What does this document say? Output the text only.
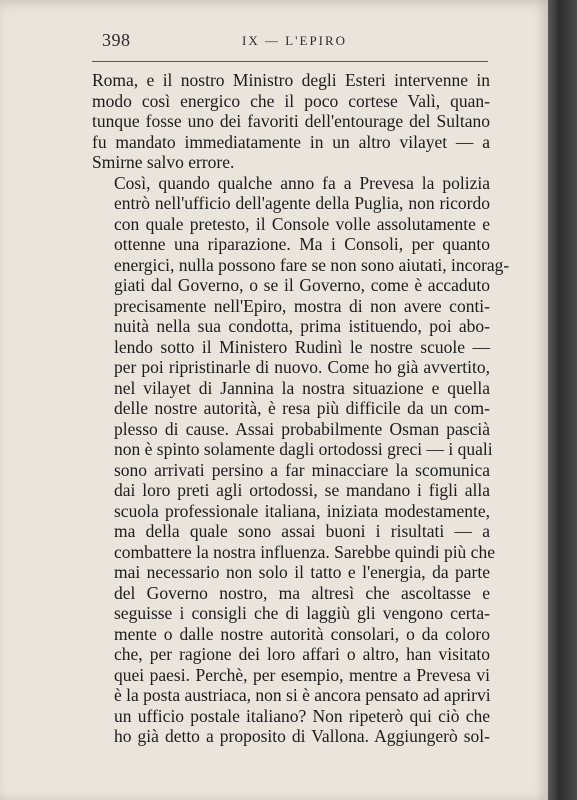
398	IX — L'EPIRO

Roma, e il nostro Ministro degli Esteri intervenne in
modo così energico che il poco cortese Valì, quan-
tunque fosse uno dei favoriti dell'entourage del Sultano
fu mandato immediatamente in un altro vilayet — a
Smirne salvo errore.

Così, quando qualche anno fa a Prevesa la polizia
entrò nell'ufficio dell'agente della Puglia, non ricordo
con quale pretesto, il Console volle assolutamente e
ottenne una riparazione. Ma i Consoli, per quanto
energici, nulla possono fare se non sono aiutati, incorag-
giati dal Governo, o se il Governo, come è accaduto
precisamente nell'Epiro, mostra di non avere conti-
nuità nella sua condotta, prima istituendo, poi abo-
lendo sotto il Ministero Rudinì le nostre scuole —
per poi ripristinarle di nuovo. Come ho già avvertito,
nel vilayet di Jannina la nostra situazione e quella
delle nostre autorità, è resa più difficile da un com-
plesso di cause. Assai probabilmente Osman pascià
non è spinto solamente dagli ortodossi greci — i quali
sono arrivati persino a far minacciare la scomunica
dai loro preti agli ortodossi, se mandano i figli alla
scuola professionale italiana, iniziata modestamente,
ma della quale sono assai buoni i risultati — a
combattere la nostra influenza. Sarebbe quindi più che
mai necessario non solo il tatto e l'energia, da parte
del Governo nostro, ma altresì che ascoltasse e
seguisse i consigli che di laggiù gli vengono certa-
mente o dalle nostre autorità consolari, o da coloro
che, per ragione dei loro affari o altro, han visitato
quei paesi. Perchè, per esempio, mentre a Prevesa vi
è la posta austriaca, non si è ancora pensato ad aprirvi
un ufficio postale italiano? Non ripeterò qui ciò che
ho già detto a proposito di Vallona. Aggiungerò sol-
